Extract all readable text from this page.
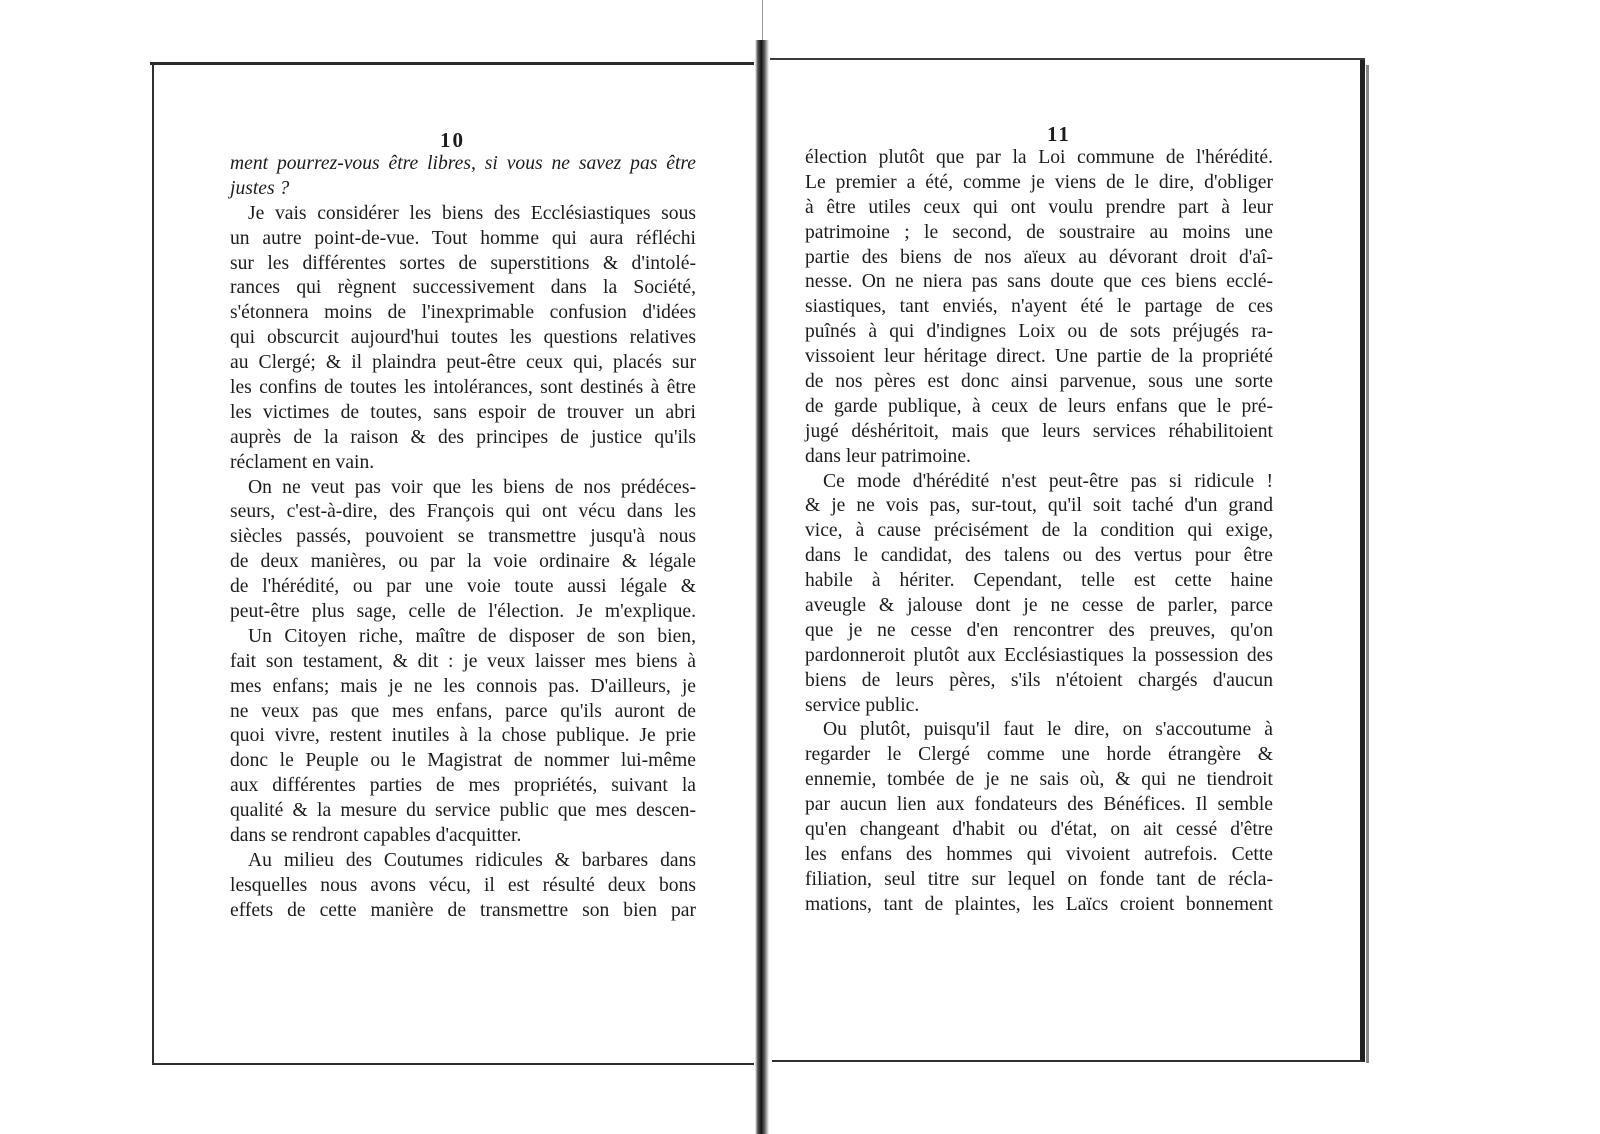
10	11
ment pourrez-vous être libres, si vous ne savez pas être
justes ?
Je vais considérer les biens des Ecclésiastiques sous
un autre point-de-vue. Tout homme qui aura réfléchi
sur les différentes sortes de superstitions & d'intolé-
rances qui règnent successivement dans la Société,
s'étonnera moins de l'inexprimable confusion d'idées
qui obscurcit aujourd'hui toutes les questions relatives
au Clergé; & il plaindra peut-être ceux qui, placés sur
les confins de toutes les intolérances, sont destinés à être
les victimes de toutes, sans espoir de trouver un abri
auprès de la raison & des principes de justice qu'ils
réclament en vain.
On ne veut pas voir que les biens de nos prédéces-
seurs, c'est-à-dire, des François qui ont vécu dans les
siècles passés, pouvoient se transmettre jusqu'à nous
de deux manières, ou par la voie ordinaire & légale
de l'hérédité, ou par une voie toute aussi légale &
peut-être plus sage, celle de l'élection. Je m'explique.
Un Citoyen riche, maître de disposer de son bien,
fait son testament, & dit : je veux laisser mes biens à
mes enfans; mais je ne les connois pas. D'ailleurs, je
ne veux pas que mes enfans, parce qu'ils auront de
quoi vivre, restent inutiles à la chose publique. Je prie
donc le Peuple ou le Magistrat de nommer lui-même
aux différentes parties de mes propriétés, suivant la
qualité & la mesure du service public que mes descen-
dans se rendront capables d'acquitter.
Au milieu des Coutumes ridicules & barbares dans
lesquelles nous avons vécu, il est résulté deux bons
effets de cette manière de transmettre son bien par
élection plutôt que par la Loi commune de l'hérédité.
Le premier a été, comme je viens de le dire, d'obliger
à être utiles ceux qui ont voulu prendre part à leur
patrimoine ; le second, de soustraire au moins une
partie des biens de nos aïeux au dévorant droit d'aî-
nesse. On ne niera pas sans doute que ces biens ecclé-
siastiques, tant enviés, n'ayent été le partage de ces
puînés à qui d'indignes Loix ou de sots préjugés ra-
vissoient leur héritage direct. Une partie de la propriété
de nos pères est donc ainsi parvenue, sous une sorte
de garde publique, à ceux de leurs enfans que le pré-
jugé déshéritoit, mais que leurs services réhabilitoient
dans leur patrimoine.
Ce mode d'hérédité n'est peut-être pas si ridicule !
& je ne vois pas, sur-tout, qu'il soit taché d'un grand
vice, à cause précisément de la condition qui exige,
dans le candidat, des talens ou des vertus pour être
habile à hériter. Cependant, telle est cette haine
aveugle & jalouse dont je ne cesse de parler, parce
que je ne cesse d'en rencontrer des preuves, qu'on
pardonneroit plutôt aux Ecclésiastiques la possession des
biens de leurs pères, s'ils n'étoient chargés d'aucun
service public.
Ou plutôt, puisqu'il faut le dire, on s'accoutume à
regarder le Clergé comme une horde étrangère &
ennemie, tombée de je ne sais où, & qui ne tiendroit
par aucun lien aux fondateurs des Bénéfices. Il semble
qu'en changeant d'habit ou d'état, on ait cessé d'être
les enfans des hommes qui vivoient autrefois. Cette
filiation, seul titre sur lequel on fonde tant de récla-
mations, tant de plaintes, les Laïcs croient bonnement
